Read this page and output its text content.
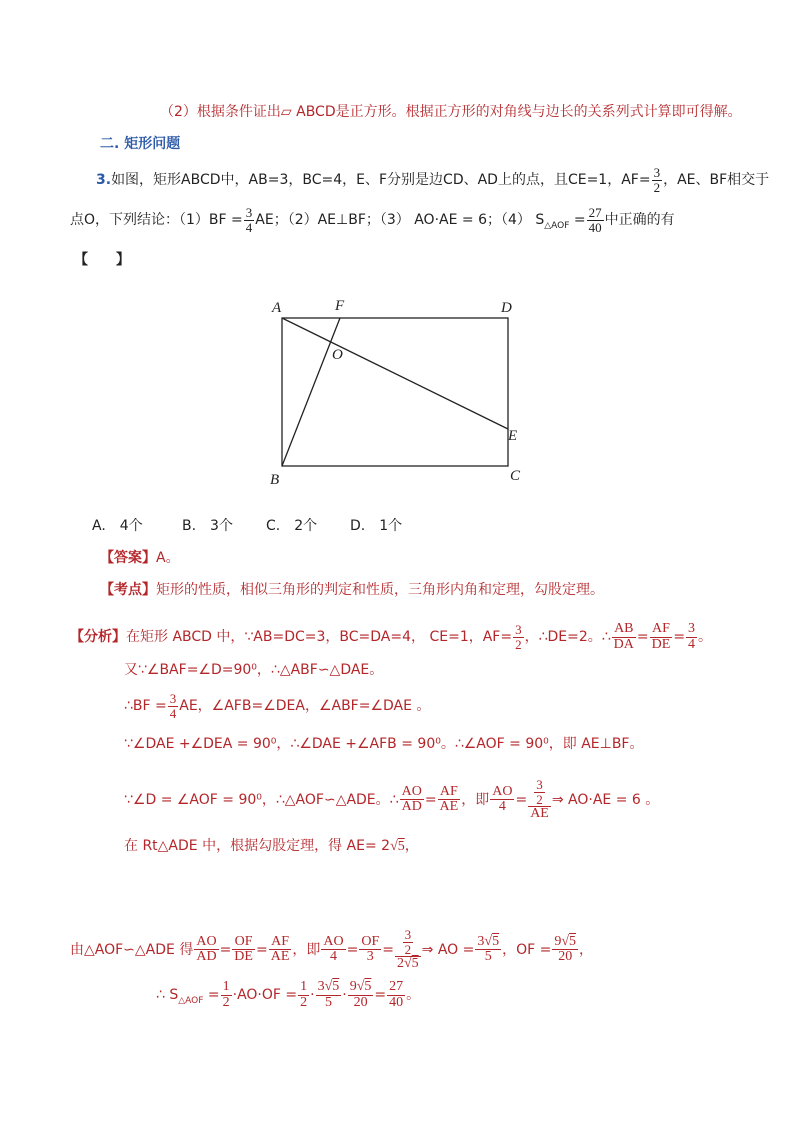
（2）根据条件证出▱ ABCD是正方形。根据正方形的对角线与边长的关系列式计算即可得解。
二. 矩形问题
3.如图，矩形ABCD中，AB=3，BC=4，E、F分别是边CD、AD上的点，且CE=1，$AF= \frac{3}{2}$ ，AE、BF相交于
点O，下列结论：$(1)BF = \frac{3}{4}$ AE；（2）AE⊥BF；（3） AO·AE = 6；（4） $S_{\triangle AOF} = \frac{27}{40}$ 中正确的有
【　　】
A	F	D
O
E
B	C
A.　4个	B.　3个 C.　2个 D.　1个
【答案】A。
【考点】矩形的性质，相似三角形的判定和性质，三角形内角和定理，勾股定理。
【分析】在矩形 ABCD 中，∵AB=DC=3，BC=DA=4， CE=1，$AF= \frac{3}{2}$ ，∴DE=2。∴ $\frac{AB}{DA} = \frac{AF}{DE} = \frac{3}{4}$ 。
又∵∠BAF=∠D=90⁰，∴△ABF∽△DAE。
∴BF = $\frac{3}{4}$ AE，∠AFB=∠DEA，∠ABF=∠DAE 。
∵∠DAE +∠DEA = 90⁰，∴∠DAE +∠AFB = 90⁰。∴∠AOF = 90⁰，即 AE⊥BF。
∵∠D = ∠AOF = 90⁰，∴△AOF∽△ADE。∴ $\frac{AO}{AD} = \frac{AF}{AE}$ ，即 $\frac{AO}{4} = \frac{\frac{3}{2}}{AE}$ ⇒ AO·AE = 6 。
在 Rt△ADE 中，根据勾股定理，得 AE= 2√5，
由△AOF∽△ADE 得 $\frac{AO}{AD} = \frac{OF}{DE} = \frac{AF}{AE}$ ，即 $\frac{AO}{4} = \frac{OF}{3} = \frac{\frac{3}{2}}{2√5}$ ⇒ AO = $\frac{3√5}{5}$ ，OF = $\frac{9√5}{20}$ ，
∴ $S_{\triangle AOF} = \frac{1}{2} \cdot AO\cdot OF = \frac{1}{2} \cdot \frac{3√5}{5} \cdot \frac{9√5}{20} = \frac{27}{40}$ 。
